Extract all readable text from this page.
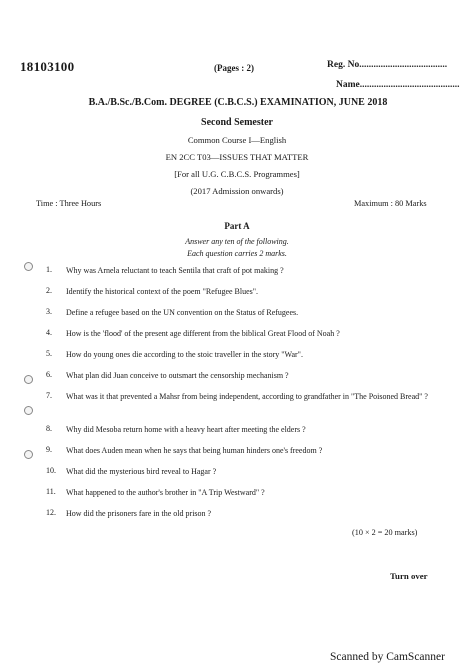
18103100	(Pages : 2)	Reg. No.....................................
Name..........................................
B.A./B.Sc./B.Com. DEGREE (C.B.C.S.) EXAMINATION, JUNE 2018
Second Semester
Common Course I—English
EN 2CC T03—ISSUES THAT MATTER
[For all U.G. C.B.C.S. Programmes]
(2017 Admission onwards)
Time : Three Hours	Maximum : 80 Marks
Part A
Answer any ten of the following.
Each question carries 2 marks.
1. Why was Arnela reluctant to teach Sentila that craft of pot making ?
2. Identify the historical context of the poem "Refugee Blues".
3. Define a refugee based on the UN convention on the Status of Refugees.
4. How is the 'flood' of the present age different from the biblical Great Flood of Noah ?
5. How do young ones die according to the stoic traveller in the story "War".
6. What plan did Juan conceive to outsmart the censorship mechanism ?
7. What was it that prevented a Mahsr from being independent, according to grandfather in "The Poisoned Bread" ?
8. Why did Mesoba return home with a heavy heart after meeting the elders ?
9. What does Auden mean when he says that being human hinders one's freedom ?
10. What did the mysterious bird reveal to Hagar ?
11. What happened to the author's brother in "A Trip Westward" ?
12. How did the prisoners fare in the old prison ?
(10 × 2 = 20 marks)
Turn over
Scanned by CamScanner
